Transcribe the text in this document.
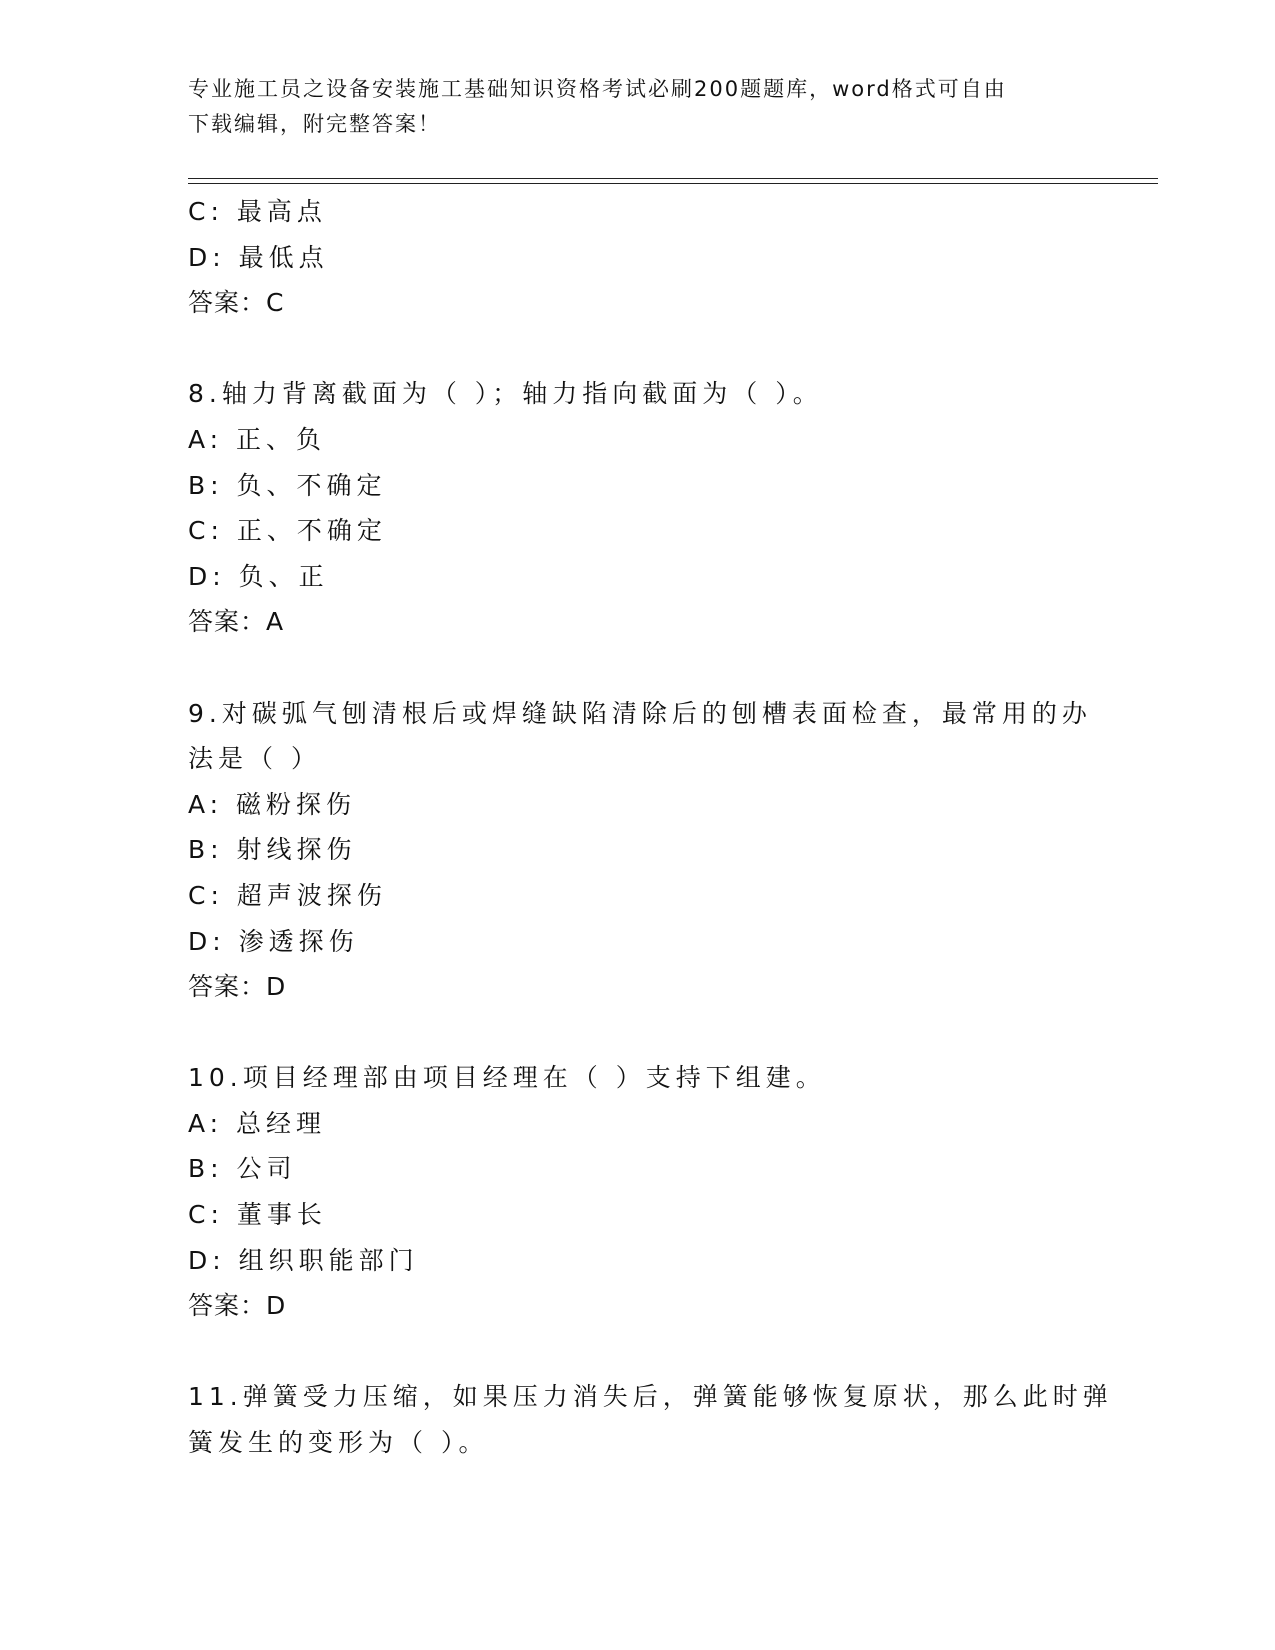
专业施工员之设备安装施工基础知识资格考试必刷200题题库，word格式可自由
下载编辑，附完整答案！
C: 最高点
D: 最低点
答案：C
8.轴力背离截面为（ ）；轴力指向截面为（ ）。
A: 正、负
B: 负、不确定
C: 正、不确定
D: 负、正
答案：A
9.对碳弧气刨清根后或焊缝缺陷清除后的刨槽表面检查，最常用的办
法是（ ）
A: 磁粉探伤
B: 射线探伤
C: 超声波探伤
D: 渗透探伤
答案：D
10.项目经理部由项目经理在（ ）支持下组建。
A: 总经理
B: 公司
C: 董事长
D: 组织职能部门
答案：D
11.弹簧受力压缩，如果压力消失后，弹簧能够恢复原状，那么此时弹
簧发生的变形为（ ）。
